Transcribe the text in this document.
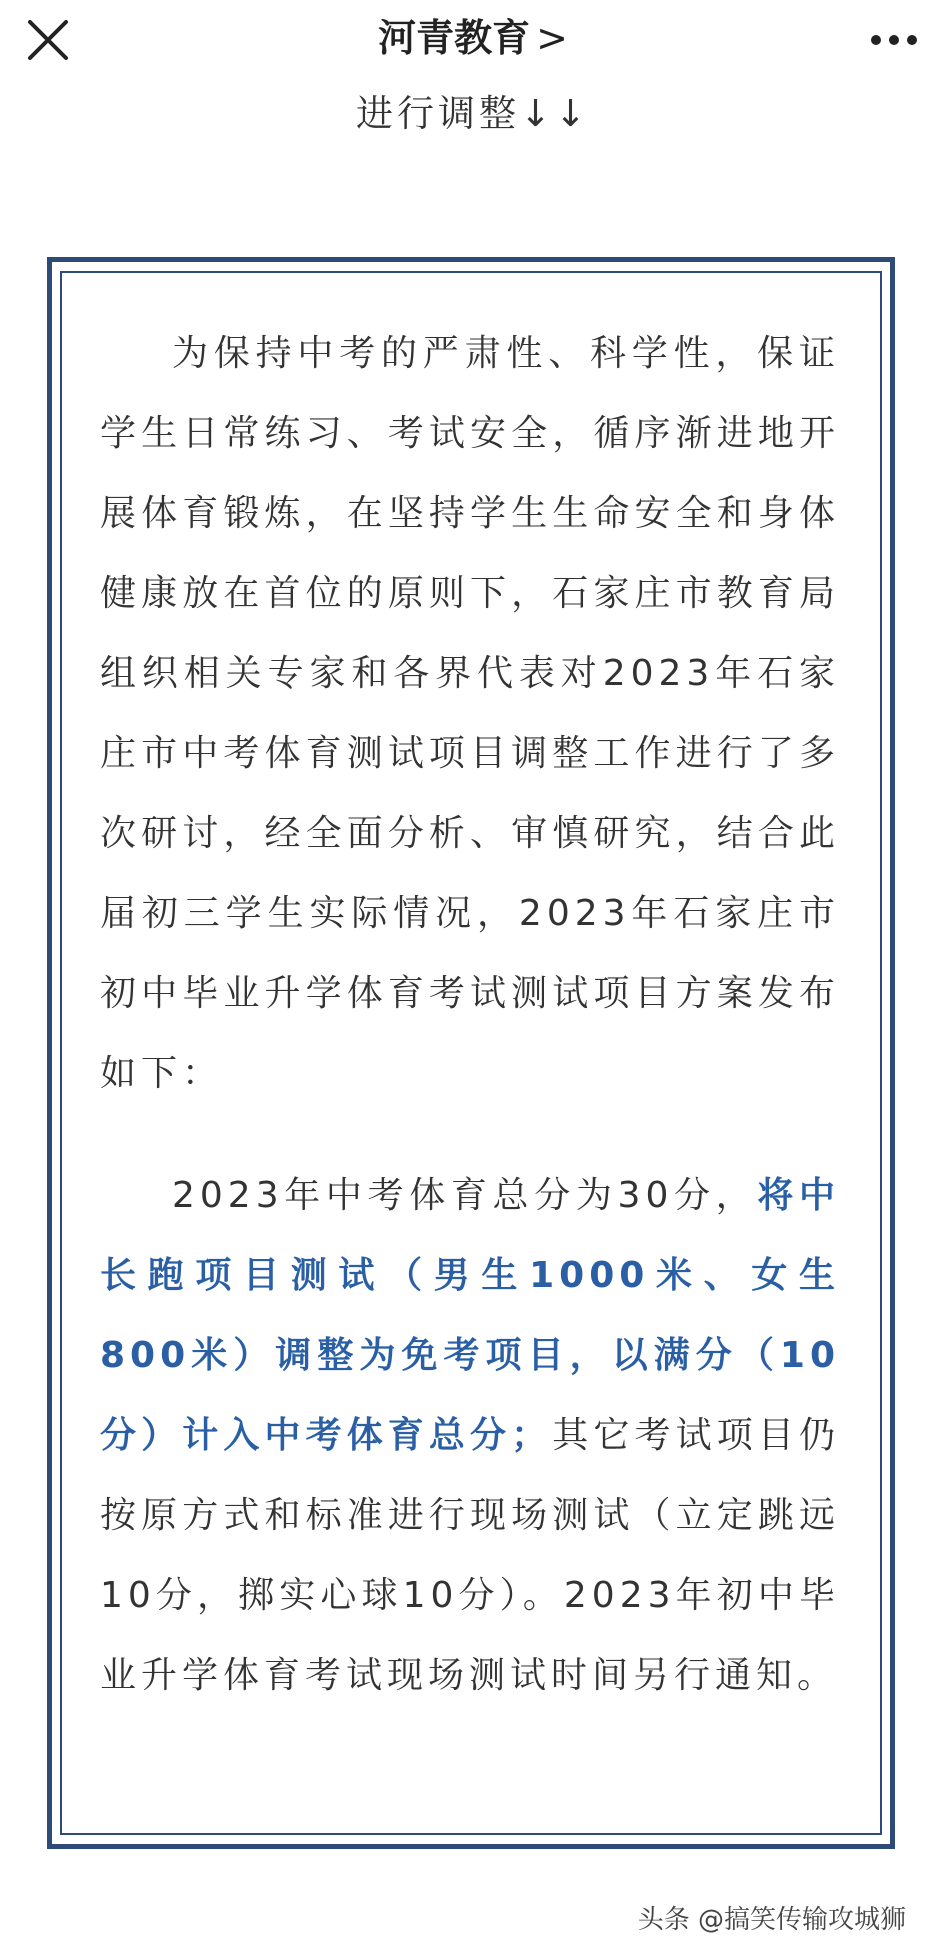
河青教育 >
进行调整↓↓

为保持中考的严肃性、科学性，保证学生日常练习、考试安全，循序渐进地开展体育锻炼，在坚持学生生命安全和身体健康放在首位的原则下，石家庄市教育局组织相关专家和各界代表对2023年石家庄市中考体育测试项目调整工作进行了多次研讨，经全面分析、审慎研究，结合此届初三学生实际情况，2023年石家庄市初中毕业升学体育考试测试项目方案发布如下：

2023年中考体育总分为30分，将中长跑项目测试（男生1000米、女生800米）调整为免考项目，以满分（10分）计入中考体育总分；其它考试项目仍按原方式和标准进行现场测试（立定跳远10分，掷实心球10分）。2023年初中毕业升学体育考试现场测试时间另行通知。

头条 @搞笑传输攻城狮
